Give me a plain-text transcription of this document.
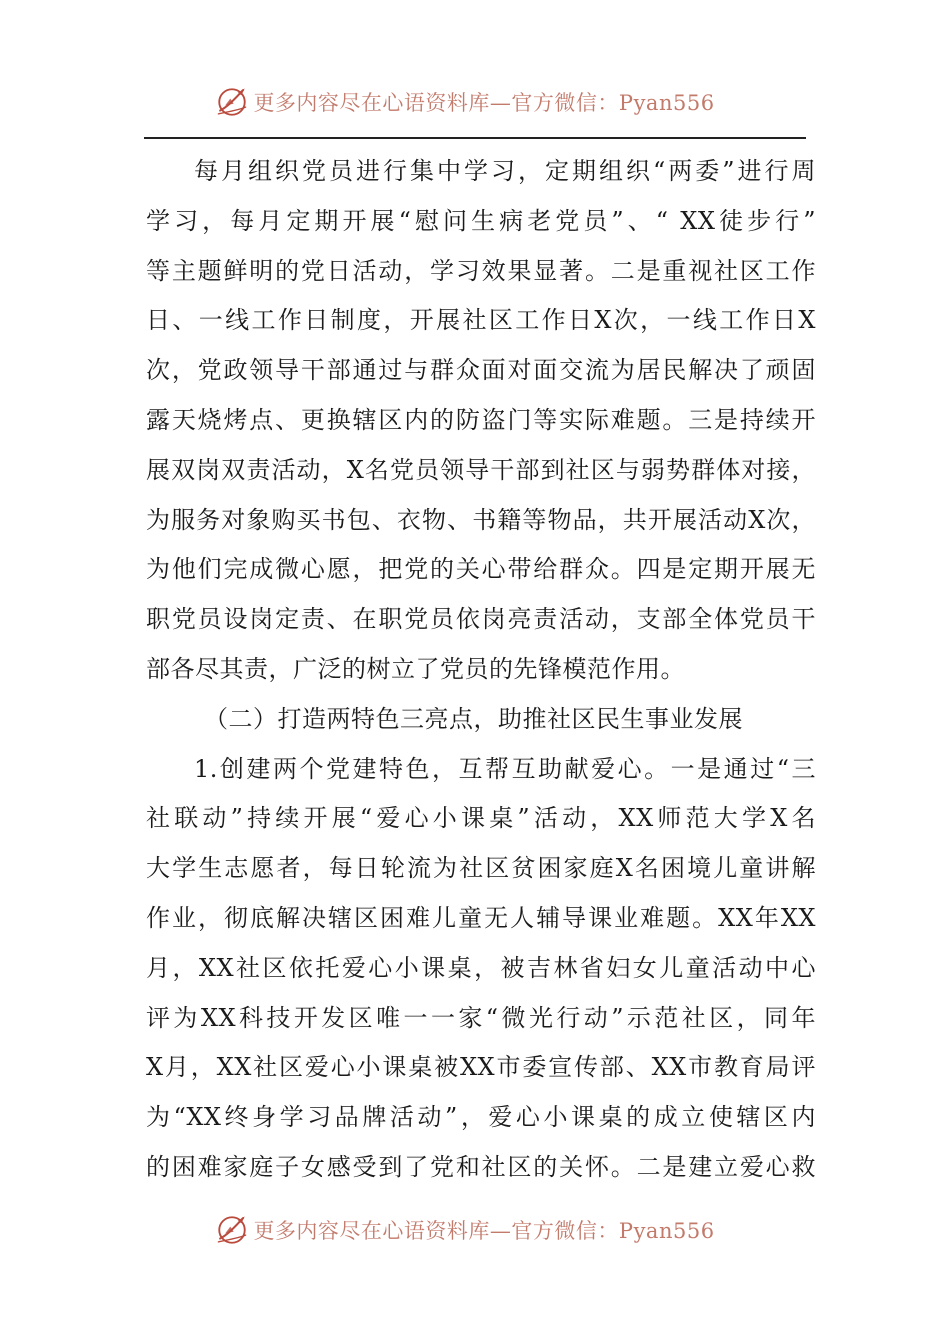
更多内容尽在心语资料库—官方微信：Pyan556
每月组织党员进行集中学习，定期组织“两委”进行周
学习，每月定期开展“慰问生病老党员”、“ XX徒步行”
等主题鲜明的党日活动，学习效果显著。二是重视社区工作
日、一线工作日制度，开展社区工作日X次，一线工作日X
次，党政领导干部通过与群众面对面交流为居民解决了顽固
露天烧烤点、更换辖区内的防盗门等实际难题。三是持续开
展双岗双责活动，X名党员领导干部到社区与弱势群体对接，
为服务对象购买书包、衣物、书籍等物品，共开展活动X次，
为他们完成微心愿，把党的关心带给群众。四是定期开展无
职党员设岗定责、在职党员依岗亮责活动，支部全体党员干
部各尽其责，广泛的树立了党员的先锋模范作用。
（二）打造两特色三亮点，助推社区民生事业发展
1.创建两个党建特色，互帮互助献爱心。一是通过“三
社联动”持续开展“爱心小课桌”活动，XX师范大学X名
大学生志愿者，每日轮流为社区贫困家庭X名困境儿童讲解
作业，彻底解决辖区困难儿童无人辅导课业难题。XX年XX
月，XX社区依托爱心小课桌，被吉林省妇女儿童活动中心
评为XX科技开发区唯一一家“微光行动”示范社区，同年
X月，XX社区爱心小课桌被XX市委宣传部、XX市教育局评
为“XX终身学习品牌活动”，爱心小课桌的成立使辖区内
的困难家庭子女感受到了党和社区的关怀。二是建立爱心救
更多内容尽在心语资料库—官方微信：Pyan556
